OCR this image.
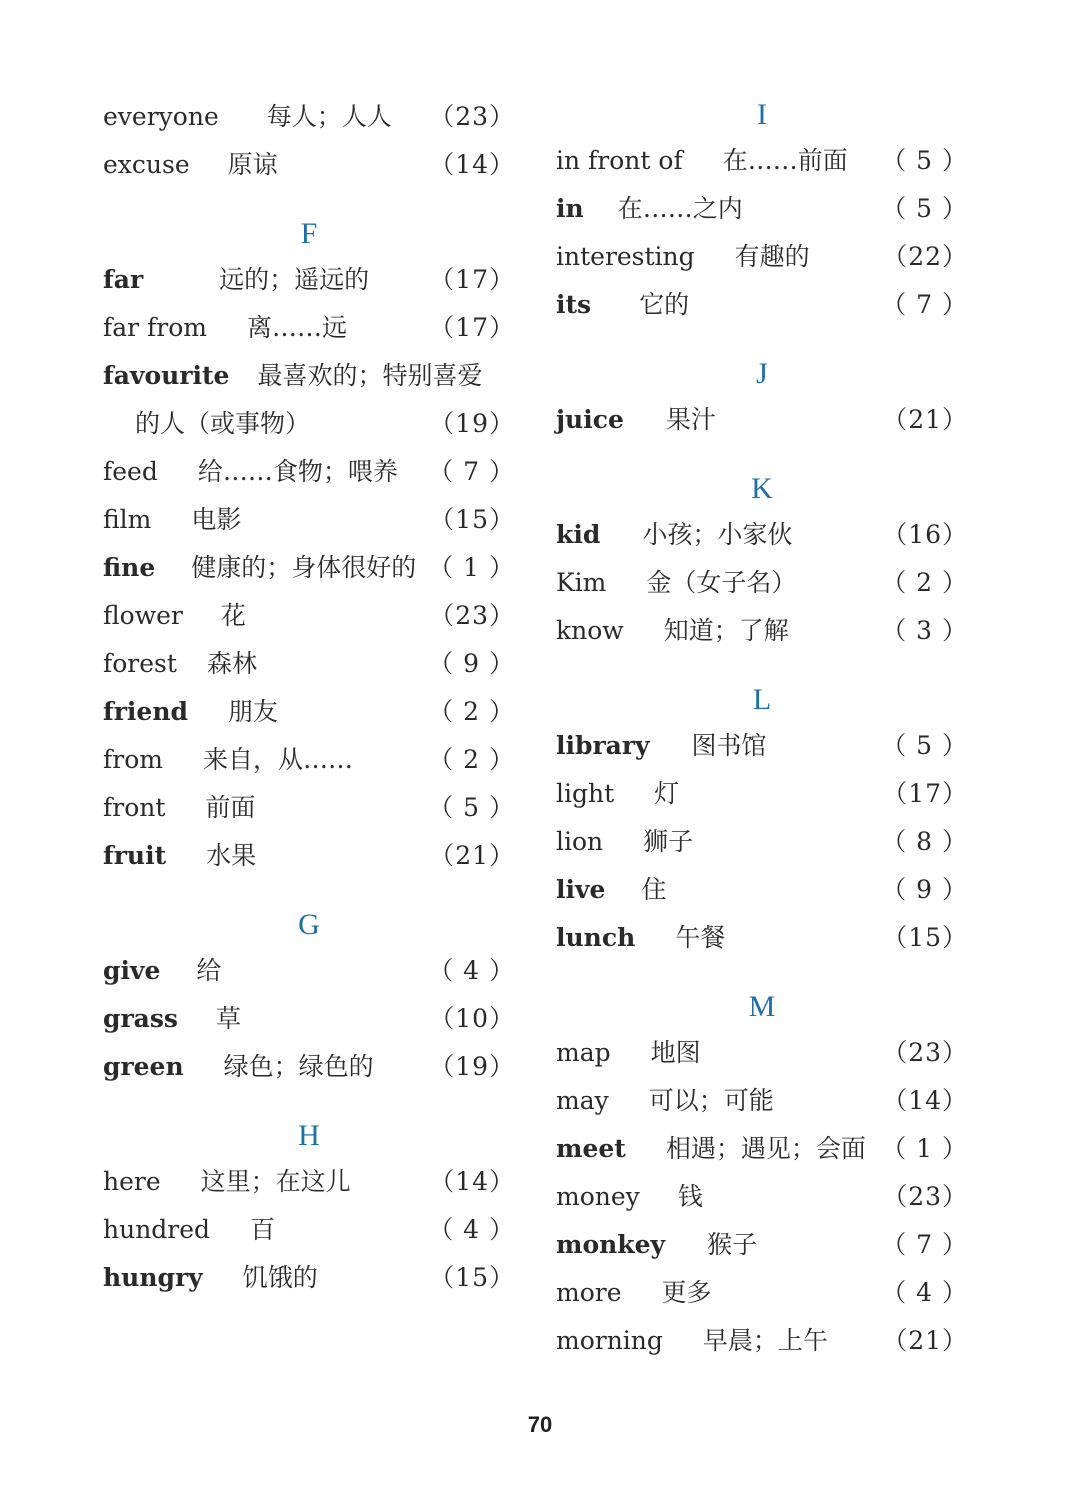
everyone 每人；人人 （23）
excuse 原谅	（14）
F
far	远的；遥远的 （17）
far from 离……远	（17）
favourite 最喜欢的；特别喜爱
的人（或事物）	（19）
feed 给……食物；喂养 （ 7 ）
film 电影	（15）
fine 健康的；身体很好的 （ 1 ）
flower 花	（23）
forest 森林	（ 9 ）
friend 朋友	（ 2 ）
from 来自，从……	（ 2 ）
front 前面	（ 5 ）
fruit 水果	（21）
G
give 给	（ 4 ）
grass 草	（10）
green 绿色；绿色的 （19）
H
here 这里；在这儿	（14）
hundred 百	（ 4 ）
hungry 饥饿的	（15）
I
in front of 在……前面 （ 5 ）
in 在……之内	（ 5 ）
interesting 有趣的	（22）
its 它的	（ 7 ）
J
juice 果汁	（21）
K
kid 小孩；小家伙	（16）
Kim 金（女子名）	（ 2 ）
know 知道；了解	（ 3 ）
L
library 图书馆	（ 5 ）
light 灯	（17）
lion 狮子	（ 8 ）
live 住	（ 9 ）
lunch 午餐	（15）
M
map 地图	（23）
may 可以；可能	（14）
meet 相遇；遇见；会面 （ 1 ）
money 钱	（23）
monkey 猴子	（ 7 ）
more 更多	（ 4 ）
morning 早晨；上午 （21）
70
